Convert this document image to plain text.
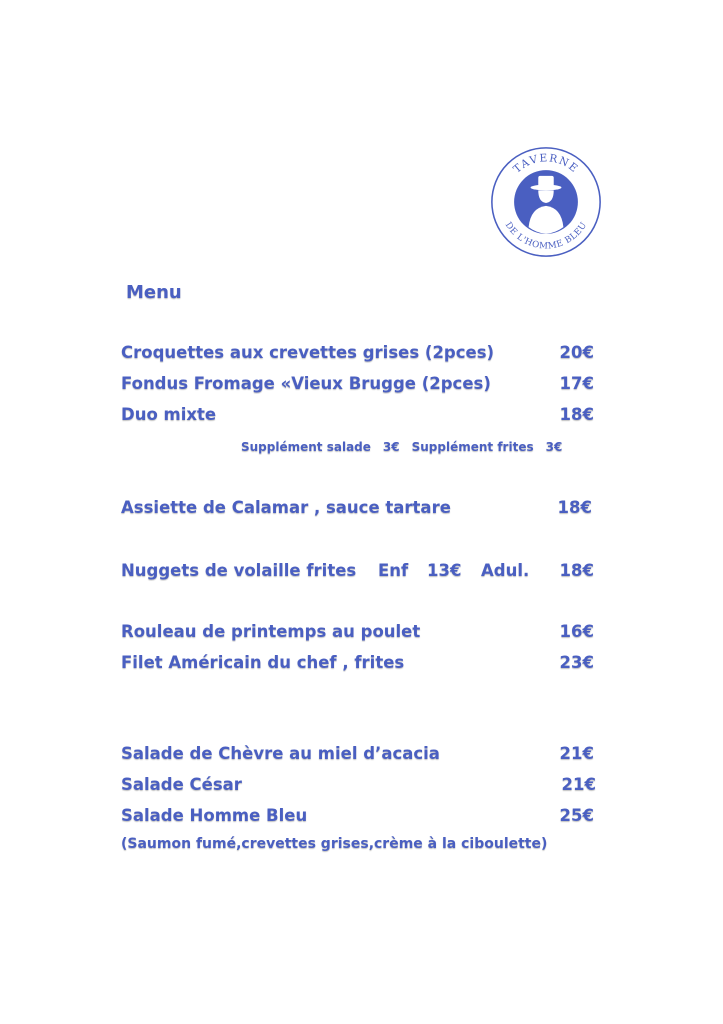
TAVERNE
DE L'HOMME BLEU
Menu
Croquettes aux crevettes grises (2pces)	20€
Fondus Fromage «Vieux Brugge (2pces)	17€
Duo mixte	18€
Supplément salade 3€ Supplément frites 3€
Assiette de Calamar , sauce tartare	18€
Nuggets de volaille frites Enf 13€ Adul. 18€
Rouleau de printemps au poulet	16€
Filet Américain du chef , frites	23€
Salade de Chèvre au miel d’acacia	21€
Salade César	21€
Salade Homme Bleu	25€
(Saumon fumé,crevettes grises,crème à la ciboulette)
